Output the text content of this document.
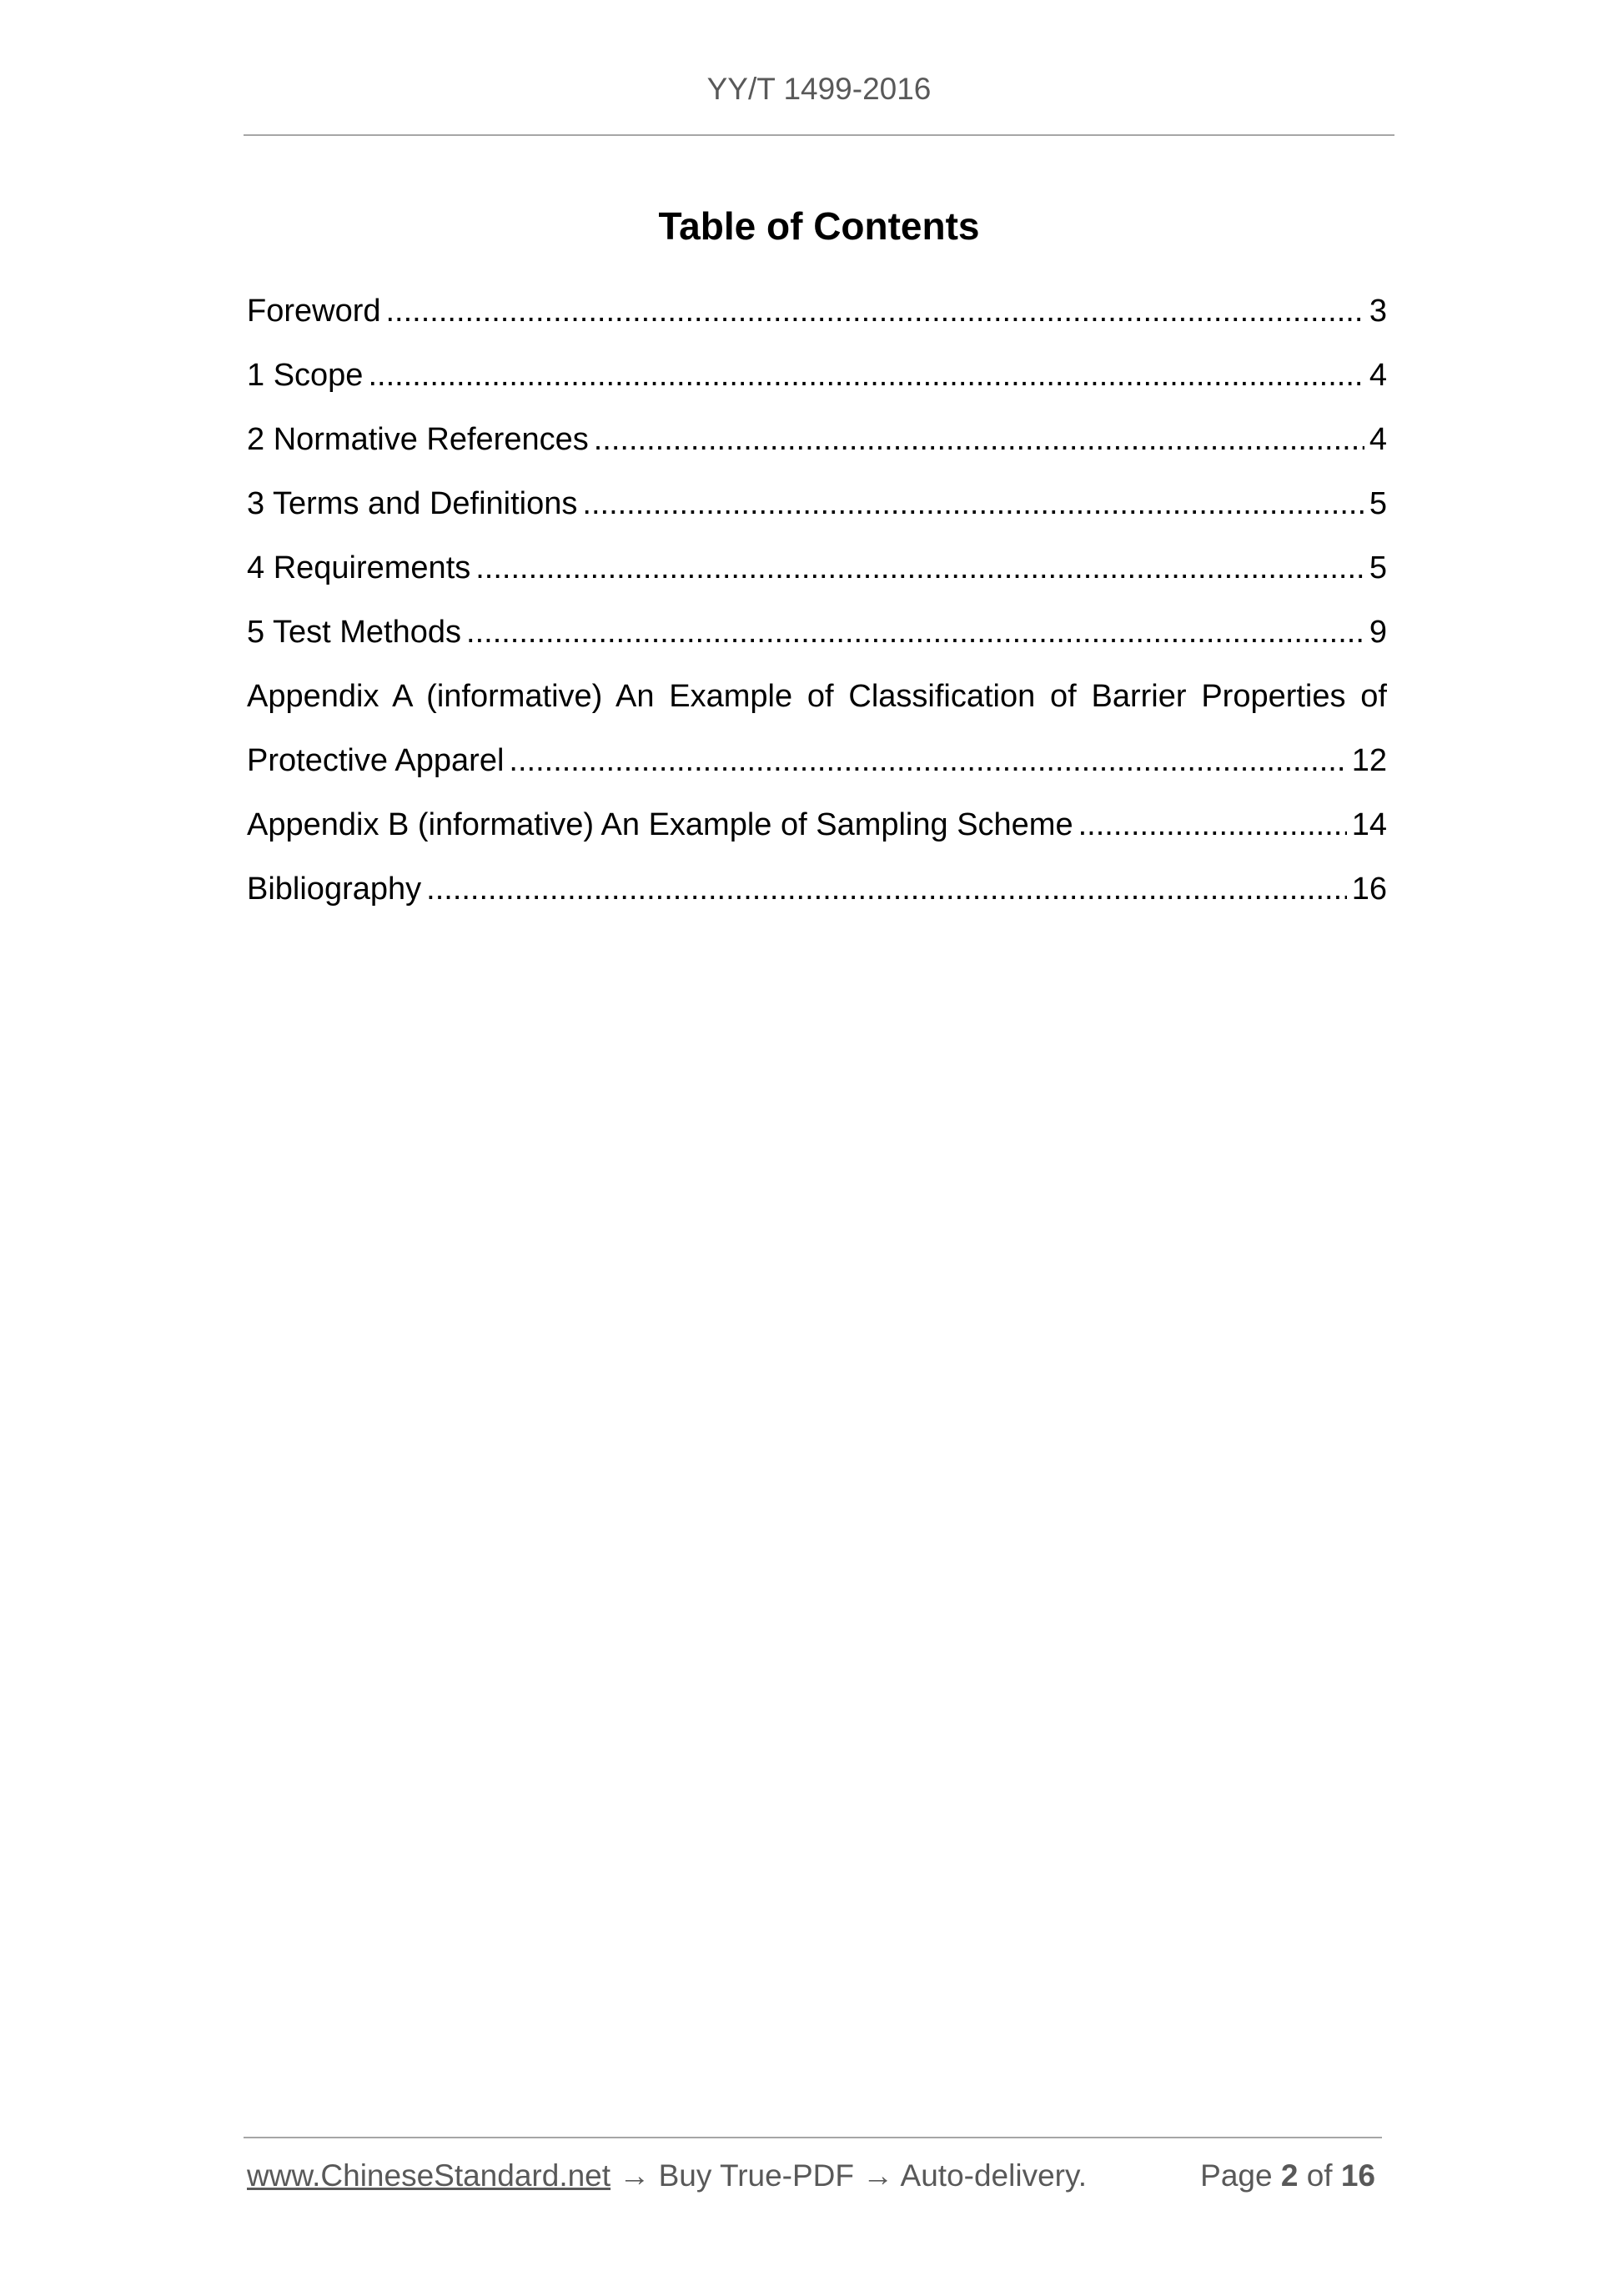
YY/T 1499-2016
Table of Contents
Foreword .....	3
1 Scope .....	4
2 Normative References .....	4
3 Terms and Definitions .....	5
4 Requirements .....	5
5 Test Methods .....	9
Appendix A (informative) An Example of Classification of Barrier Properties of
Protective Apparel .....	12
Appendix B (informative) An Example of Sampling Scheme .....	14
Bibliography .....	16
www.ChineseStandard.net → Buy True-PDF → Auto-delivery.	Page 2 of 16
